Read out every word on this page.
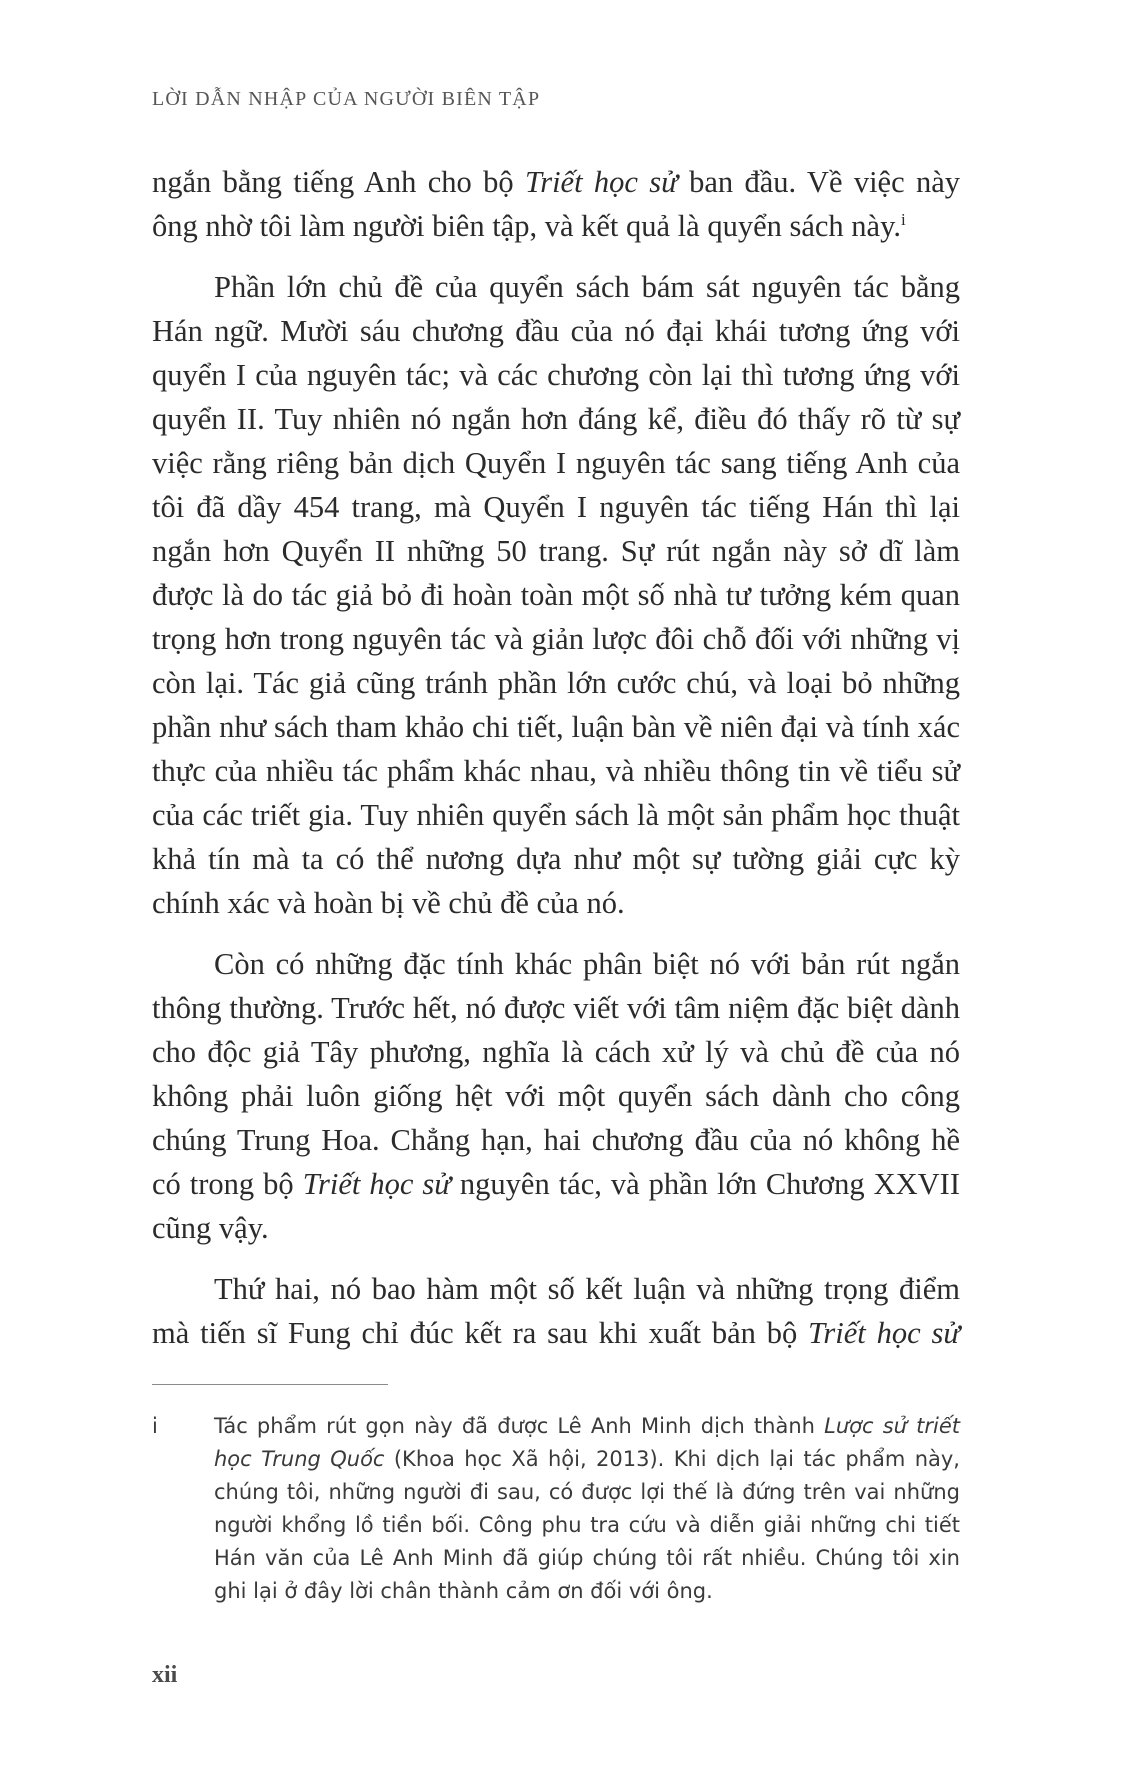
LỜI DẪN NHẬP CỦA NGƯỜI BIÊN TẬP

ngắn bằng tiếng Anh cho bộ Triết học sử ban đầu. Về việc này ông nhờ tôi làm người biên tập, và kết quả là quyển sách này.$^i$

Phần lớn chủ đề của quyển sách bám sát nguyên tác bằng Hán ngữ. Mười sáu chương đầu của nó đại khái tương ứng với quyển I của nguyên tác; và các chương còn lại thì tương ứng với quyển II. Tuy nhiên nó ngắn hơn đáng kể, điều đó thấy rõ từ sự việc rằng riêng bản dịch Quyển I nguyên tác sang tiếng Anh của tôi đã dầy 454 trang, mà Quyển I nguyên tác tiếng Hán thì lại ngắn hơn Quyển II những 50 trang. Sự rút ngắn này sở dĩ làm được là do tác giả bỏ đi hoàn toàn một số nhà tư tưởng kém quan trọng hơn trong nguyên tác và giản lược đôi chỗ đối với những vị còn lại. Tác giả cũng tránh phần lớn cước chú, và loại bỏ những phần như sách tham khảo chi tiết, luận bàn về niên đại và tính xác thực của nhiều tác phẩm khác nhau, và nhiều thông tin về tiểu sử của các triết gia. Tuy nhiên quyển sách là một sản phẩm học thuật khả tín mà ta có thể nương dựa như một sự tường giải cực kỳ chính xác và hoàn bị về chủ đề của nó.

Còn có những đặc tính khác phân biệt nó với bản rút ngắn thông thường. Trước hết, nó được viết với tâm niệm đặc biệt dành cho độc giả Tây phương, nghĩa là cách xử lý và chủ đề của nó không phải luôn giống hệt với một quyển sách dành cho công chúng Trung Hoa. Chẳng hạn, hai chương đầu của nó không hề có trong bộ Triết học sử nguyên tác, và phần lớn Chương XXVII cũng vậy.

Thứ hai, nó bao hàm một số kết luận và những trọng điểm mà tiến sĩ Fung chỉ đúc kết ra sau khi xuất bản bộ Triết học sử

i	Tác phẩm rút gọn này đã được Lê Anh Minh dịch thành Lược sử triết học Trung Quốc (Khoa học Xã hội, 2013). Khi dịch lại tác phẩm này, chúng tôi, những người đi sau, có được lợi thế là đứng trên vai những người khổng lồ tiền bối. Công phu tra cứu và diễn giải những chi tiết Hán văn của Lê Anh Minh đã giúp chúng tôi rất nhiều. Chúng tôi xin ghi lại ở đây lời chân thành cảm ơn đối với ông.
xii
